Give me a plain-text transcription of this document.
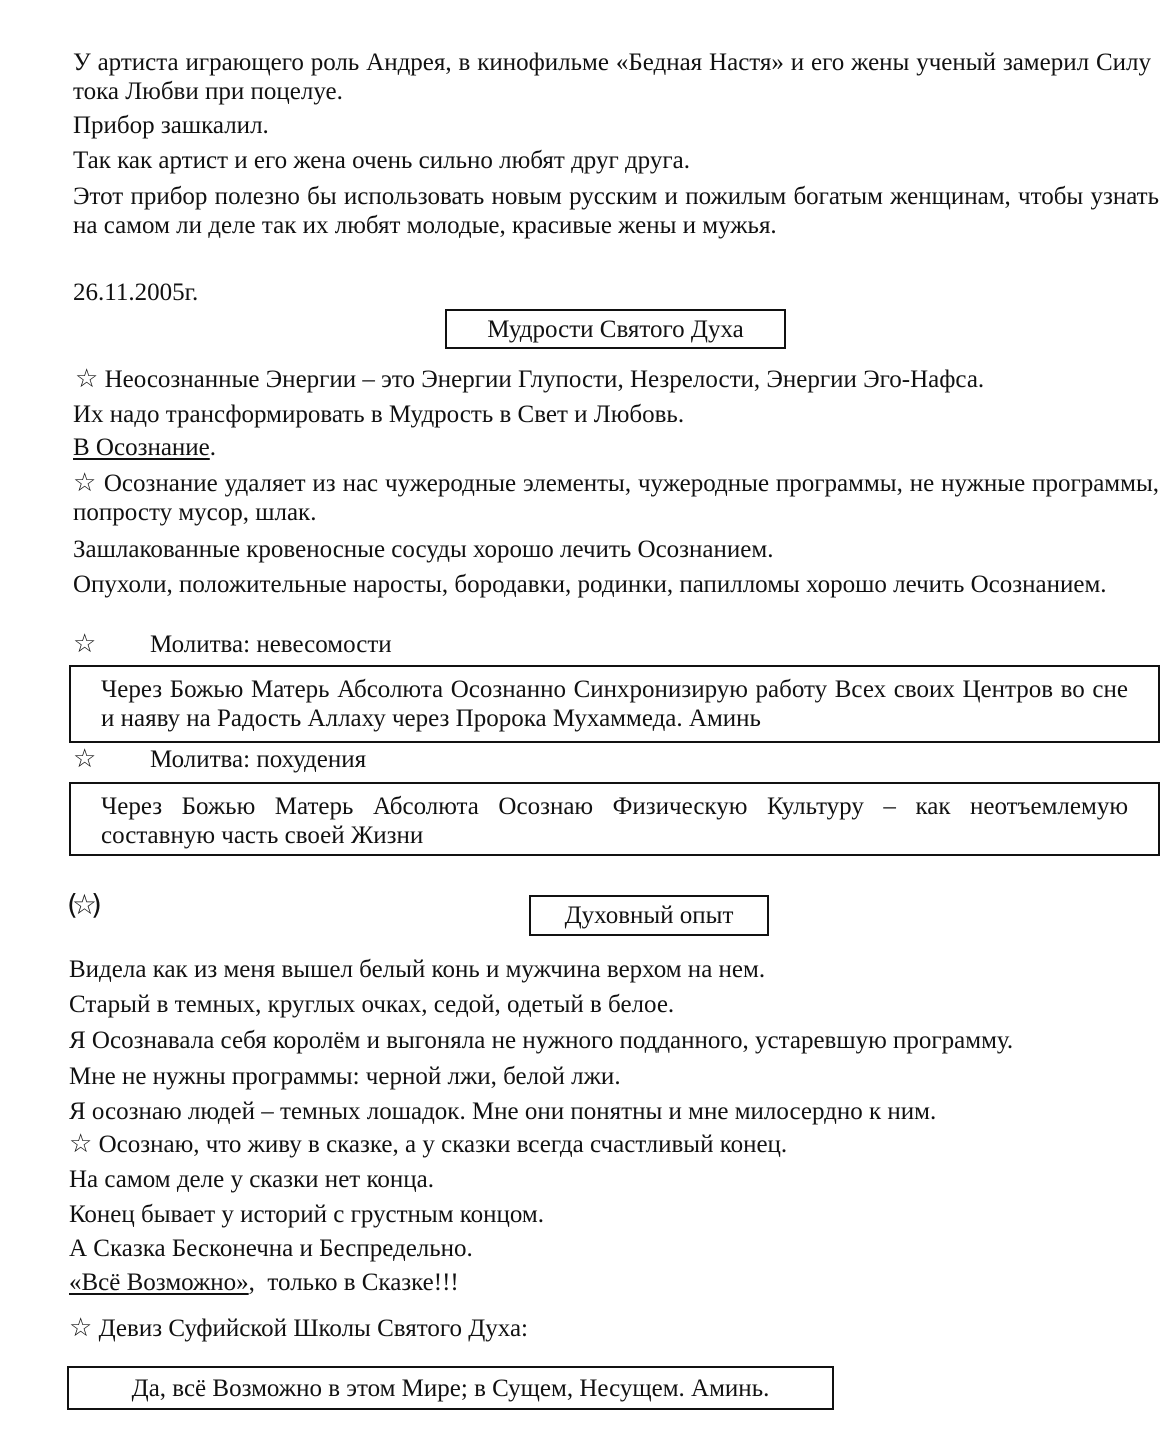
У артиста играющего роль Андрея, в кинофильме «Бедная Настя» и его жены ученый замерил Силу тока Любви при поцелуе.

Прибор зашкалил.

Так как артист и его жена очень сильно любят друг друга.

Этот прибор полезно бы использовать новым русским и пожилым богатым женщинам, чтобы узнать на самом ли деле так их любят молодые, красивые жены и мужья.

26.11.2005г.

Мудрости Святого Духа

☆ Неосознанные Энергии – это Энергии Глупости, Незрелости, Энергии Эго-Нафса.

Их надо трансформировать в Мудрость в Свет и Любовь.

В Осознание.

☆ Осознание удаляет из нас чужеродные элементы, чужеродные программы, не нужные программы, попросту мусор, шлак.

Зашлакованные кровеносные сосуды хорошо лечить Осознанием.

Опухоли, положительные наросты, бородавки, родинки, папилломы хорошо лечить Осознанием.

☆ Молитва: невесомости

Через Божью Матерь Абсолюта Осознанно Синхронизирую работу Всех своих Центров во сне и наяву на Радость Аллаху через Пророка Мухаммеда. Аминь

☆ Молитва: похудения

Через Божью Матерь Абсолюта Осознаю Физическую Культуру – как неотъемлемую составную часть своей Жизни

(☆)	Духовный опыт

Видела как из меня вышел белый конь и мужчина верхом на нем.

Старый в темных, круглых очках, седой, одетый в белое.

Я Осознавала себя королём и выгоняла не нужного подданного, устаревшую программу.

Мне не нужны программы: черной лжи, белой лжи.

Я осознаю людей – темных лошадок. Мне они понятны и мне милосердно к ним.

☆ Осознаю, что живу в сказке, а у сказки всегда счастливый конец.

На самом деле у сказки нет конца.

Конец бывает у историй с грустным концом.

А Сказка Бесконечна и Беспредельно.

«Всё Возможно»,  только в Сказке!!!

☆ Девиз Суфийской Школы Святого Духа:

Да, всё Возможно в этом Мире; в Сущем, Несущем. Аминь.
